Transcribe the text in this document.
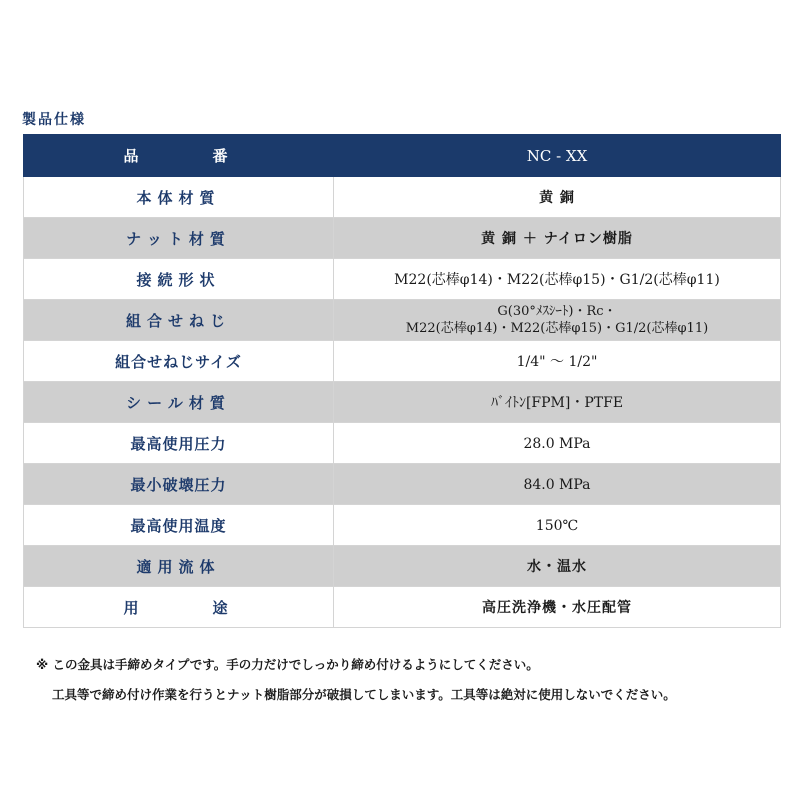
製品仕様
品 番	NC - XX
本体材質	黄 銅
ナット材質	黄 銅 ＋ ナイロン樹脂
接続形状	M22(芯棒φ14)・M22(芯棒φ15)・G1/2(芯棒φ11)
組合せねじ	G(30°ﾒｽｼｰﾄ)・Rc・
M22(芯棒φ14)・M22(芯棒φ15)・G1/2(芯棒φ11)

組合せねじサイズ	1/4" 〜 1/2"
シール材質	ﾊﾞｲﾄﾝ[FPM]・PTFE
最高使用圧力	28.0 MPa
最小破壊圧力	84.0 MPa
最高使用温度	150℃
適用流体	水・温水

用 途	高圧洗浄機・水圧配管
※ この金具は手締めタイプです。手の力だけでしっかり締め付けるようにしてください。
工具等で締め付け作業を行うとナット樹脂部分が破損してしまいます。工具等は絶対に使用しないでください。
